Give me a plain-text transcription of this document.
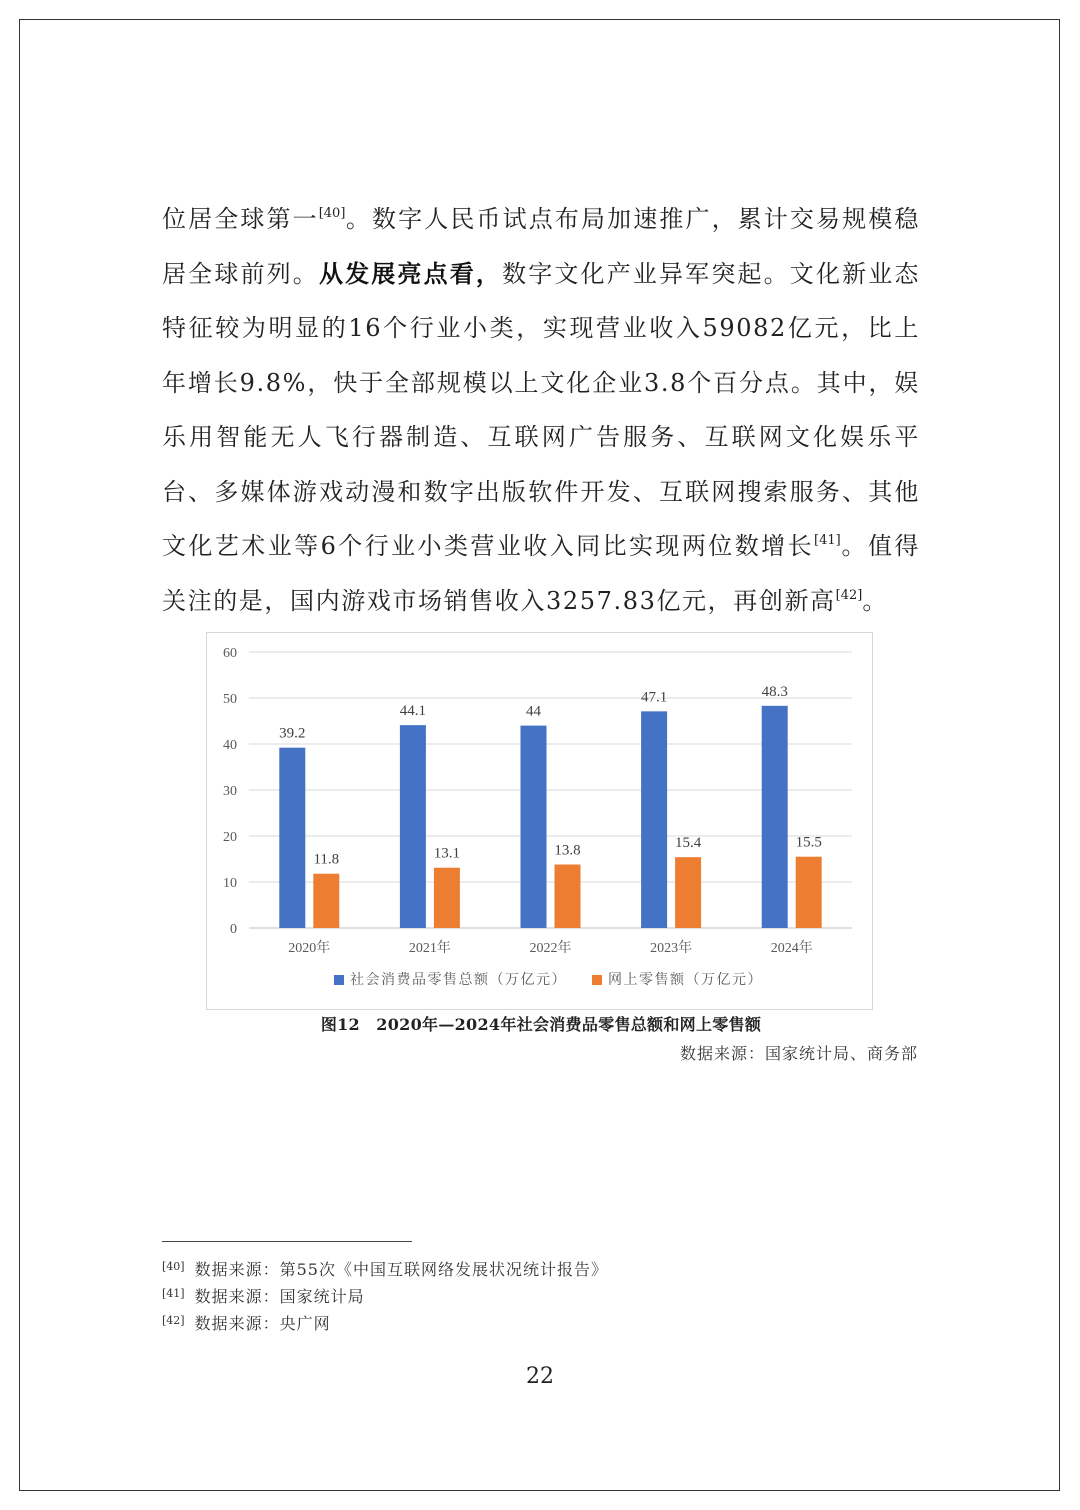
位居全球第一[40]。数字人民币试点布局加速推广，累计交易规模稳居全球前列。从发展亮点看，数字文化产业异军突起。文化新业态特征较为明显的16个行业小类，实现营业收入59082亿元，比上年增长9.8%，快于全部规模以上文化企业3.8个百分点。其中，娱乐用智能无人飞行器制造、互联网广告服务、互联网文化娱乐平台、多媒体游戏动漫和数字出版软件开发、互联网搜索服务、其他文化艺术业等6个行业小类营业收入同比实现两位数增长[41]。值得关注的是，国内游戏市场销售收入3257.83亿元，再创新高[42]。

0
10
20
30
40
50
60
39.2
11.8
2020年
44.1
13.1
2021年
44
13.8
2022年
47.1
15.4
2023年
48.3
15.5
2024年
社会消费品零售总额（万亿元）	网上零售额（万亿元）
图12　2020年—2024年社会消费品零售总额和网上零售额
数据来源：国家统计局、商务部
[40] 数据来源：第55次《中国互联网络发展状况统计报告》
[41] 数据来源：国家统计局
[42] 数据来源：央广网
22
